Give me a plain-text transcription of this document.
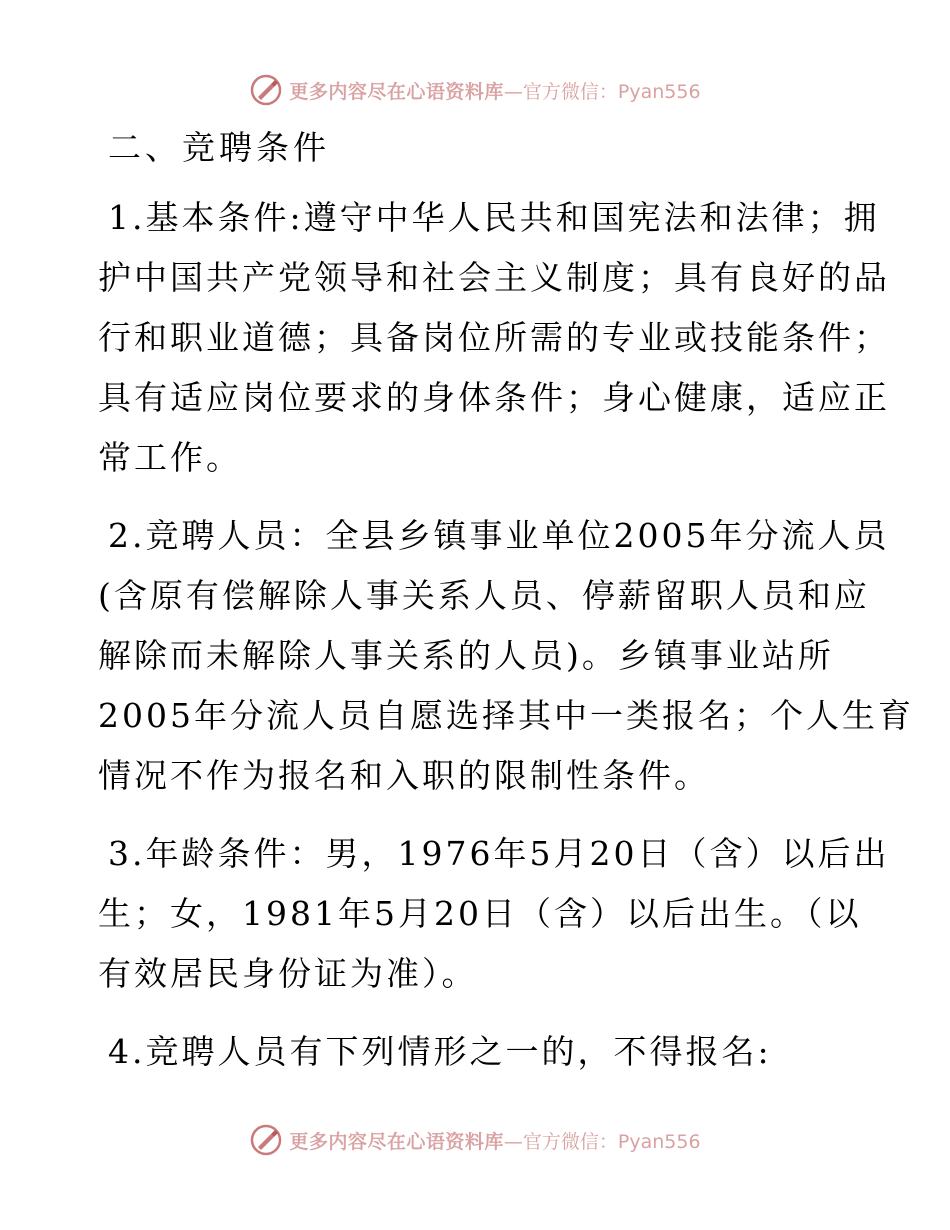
更多内容尽在心语资料库 —官方微信：Pyan556
二、竞聘条件
1.基本条件:遵守中华人民共和国宪法和法律；拥
护中国共产党领导和社会主义制度；具有良好的品
行和职业道德；具备岗位所需的专业或技能条件；
具有适应岗位要求的身体条件；身心健康，适应正
常工作。
2.竞聘人员：全县乡镇事业单位2005年分流人员
(含原有偿解除人事关系人员、停薪留职人员和应
解除而未解除人事关系的人员)。乡镇事业站所
2005年分流人员自愿选择其中一类报名；个人生育
情况不作为报名和入职的限制性条件。
3.年龄条件：男，1976年5月20日（含）以后出
生；女，1981年5月20日（含）以后出生。（以
有效居民身份证为准）。
4.竞聘人员有下列情形之一的，不得报名:
更多内容尽在心语资料库 —官方微信：Pyan556
